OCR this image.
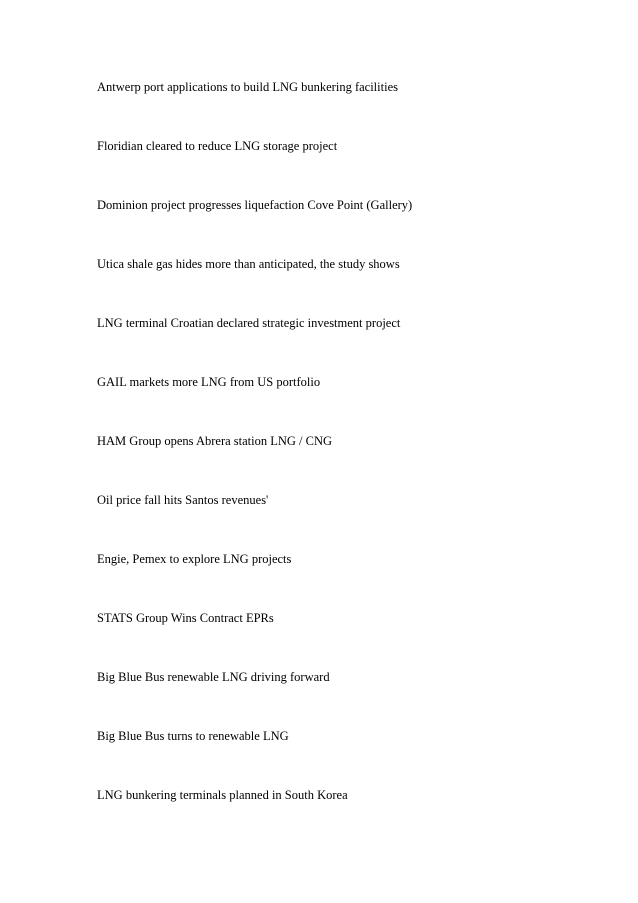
Antwerp port applications to build LNG bunkering facilities

Floridian cleared to reduce LNG storage project

Dominion project progresses liquefaction Cove Point (Gallery)

Utica shale gas hides more than anticipated, the study shows

LNG terminal Croatian declared strategic investment project

GAIL markets more LNG from US portfolio

HAM Group opens Abrera station LNG / CNG

Oil price fall hits Santos revenues'

Engie, Pemex to explore LNG projects

STATS Group Wins Contract EPRs

Big Blue Bus renewable LNG driving forward

Big Blue Bus turns to renewable LNG

LNG bunkering terminals planned in South Korea
